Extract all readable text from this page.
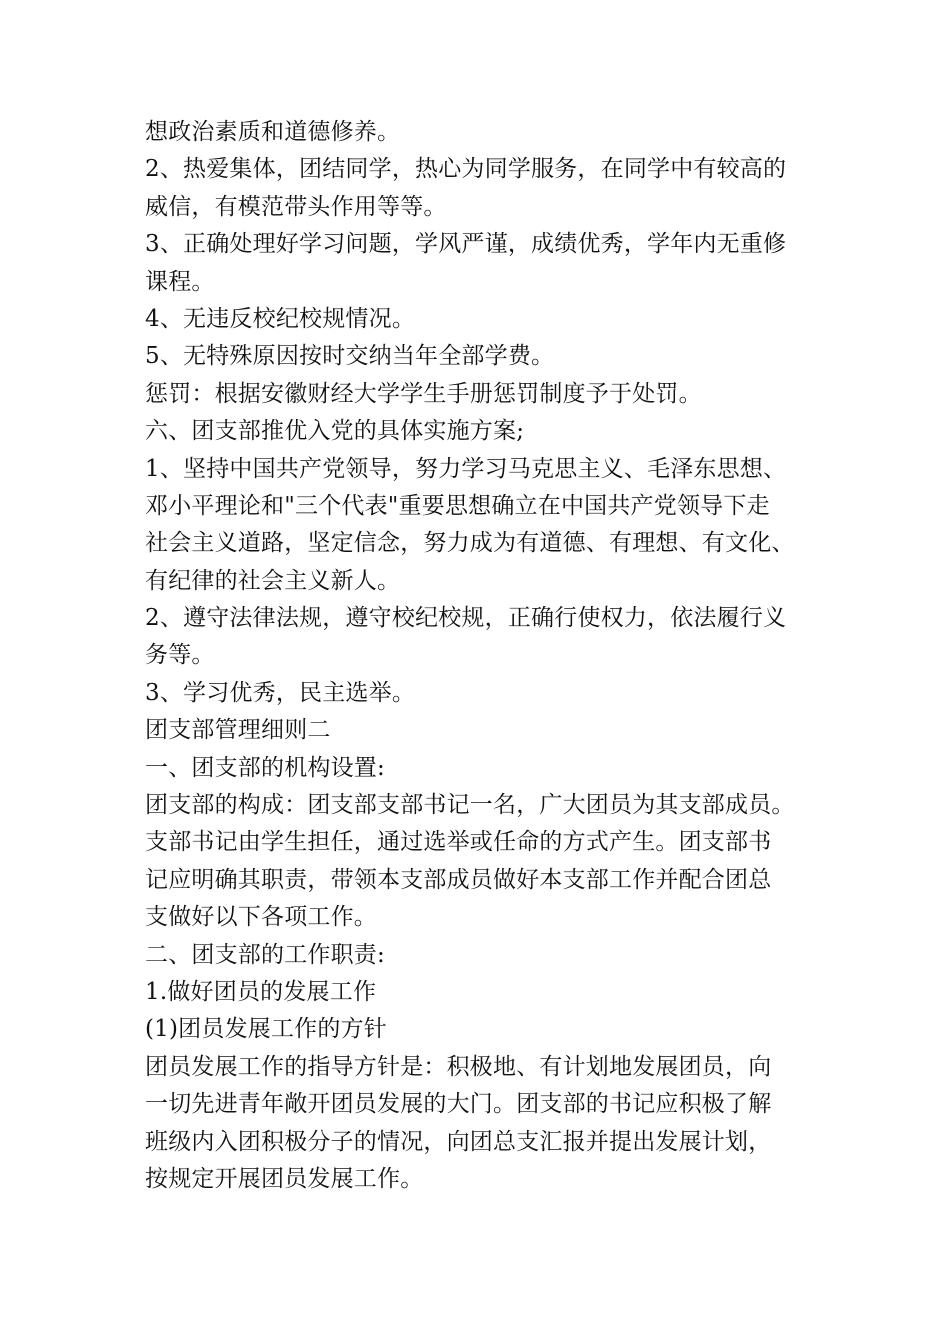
想政治素质和道德修养。
2、热爱集体，团结同学，热心为同学服务，在同学中有较高的
威信，有模范带头作用等等。
3、正确处理好学习问题，学风严谨，成绩优秀，学年内无重修
课程。
4、无违反校纪校规情况。
5、无特殊原因按时交纳当年全部学费。
惩罚：根据安徽财经大学学生手册惩罚制度予于处罚。
六、团支部推优入党的具体实施方案;
1、坚持中国共产党领导，努力学习马克思主义、毛泽东思想、
邓小平理论和"三个代表"重要思想确立在中国共产党领导下走
社会主义道路，坚定信念，努力成为有道德、有理想、有文化、
有纪律的社会主义新人。
2、遵守法律法规，遵守校纪校规，正确行使权力，依法履行义
务等。
3、学习优秀，民主选举。
团支部管理细则二
一、团支部的机构设置:
团支部的构成：团支部支部书记一名，广大团员为其支部成员。
支部书记由学生担任，通过选举或任命的方式产生。团支部书
记应明确其职责，带领本支部成员做好本支部工作并配合团总
支做好以下各项工作。
二、团支部的工作职责:
1.做好团员的发展工作
(1)团员发展工作的方针
团员发展工作的指导方针是：积极地、有计划地发展团员，向
一切先进青年敞开团员发展的大门。团支部的书记应积极了解
班级内入团积极分子的情况，向团总支汇报并提出发展计划，
按规定开展团员发展工作。
